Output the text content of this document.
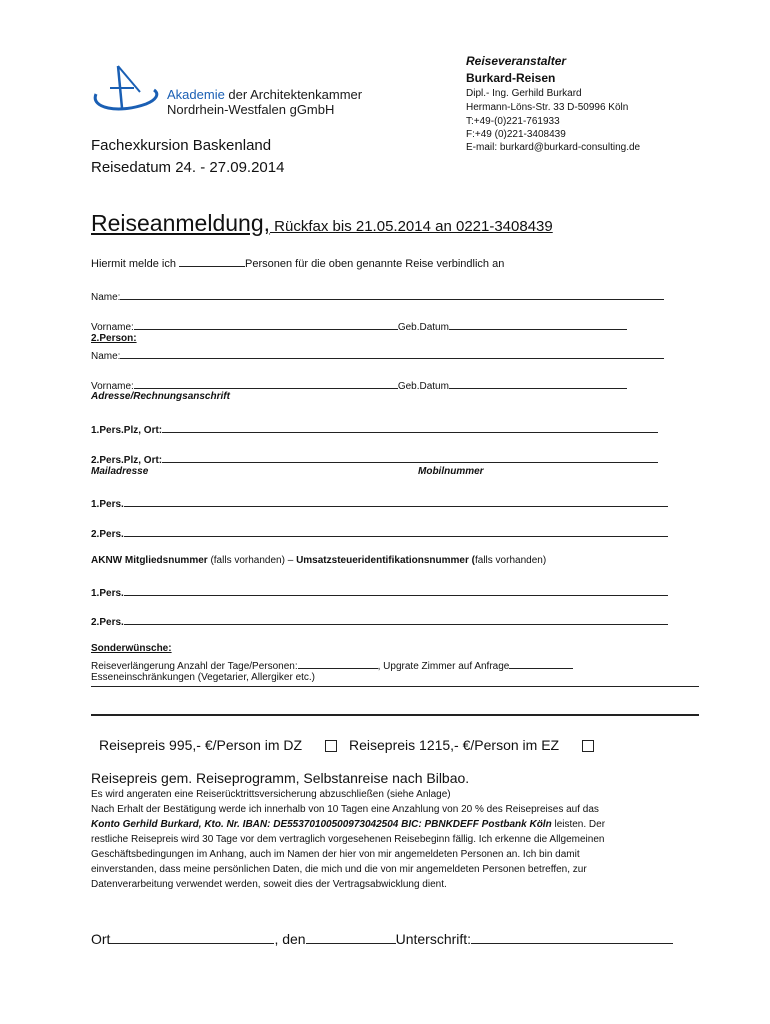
Akademie der Architektenkammer
Nordrhein-Westfalen gGmbH
Reiseveranstalter
Burkard-Reisen
Dipl.- Ing. Gerhild Burkard
Hermann-Löns-Str. 33 D-50996 Köln
T:+49-(0)221-761933
F:+49 (0)221-3408439
E-mail: burkard@burkard-consulting.de
Fachexkursion Baskenland
Reisedatum 24. - 27.09.2014
Reiseanmeldung, Rückfax bis 21.05.2014 an 0221-3408439
Hiermit melde ich	Personen für die oben genannte Reise verbindlich an
Name:
Vorname:	Geb.Datum
2.Person:
Name:
Vorname:	Geb.Datum
Adresse/Rechnungsanschrift
1.Pers.Plz, Ort:
2.Pers.Plz, Ort:
Mailadresse	Mobilnummer
1.Pers.
2.Pers.
AKNW Mitgliedsnummer (falls vorhanden) – Umsatzsteueridentifikationsnummer (falls vorhanden)
1.Pers.
2.Pers.
Sonderwünsche:
Reiseverlängerung Anzahl der Tage/Personen:	, Upgrate Zimmer auf Anfrage
Esseneinschränkungen (Vegetarier, Allergiker etc.)
Reisepreis 995,- €/Person im DZ	Reisepreis 1215,- €/Person im EZ
Reisepreis gem. Reiseprogramm, Selbstanreise nach Bilbao.
Es wird angeraten eine Reiserücktrittsversicherung abzuschließen (siehe Anlage)
Nach Erhalt der Bestätigung werde ich innerhalb von 10 Tagen eine Anzahlung von 20 % des Reisepreises auf das
Konto Gerhild Burkard, Kto. Nr. IBAN: DE55370100500973042504 BIC: PBNKDEFF Postbank Köln leisten. Der
restliche Reisepreis wird 30 Tage vor dem vertraglich vorgesehenen Reisebeginn fällig. Ich erkenne die Allgemeinen
Geschäftsbedingungen im Anhang, auch im Namen der hier von mir angemeldeten Personen an. Ich bin damit
einverstanden, dass meine persönlichen Daten, die mich und die von mir angemeldeten Personen betreffen, zur
Datenverarbeitung verwendet werden, soweit dies der Vertragsabwicklung dient.
Ort	, den	Unterschrift:
